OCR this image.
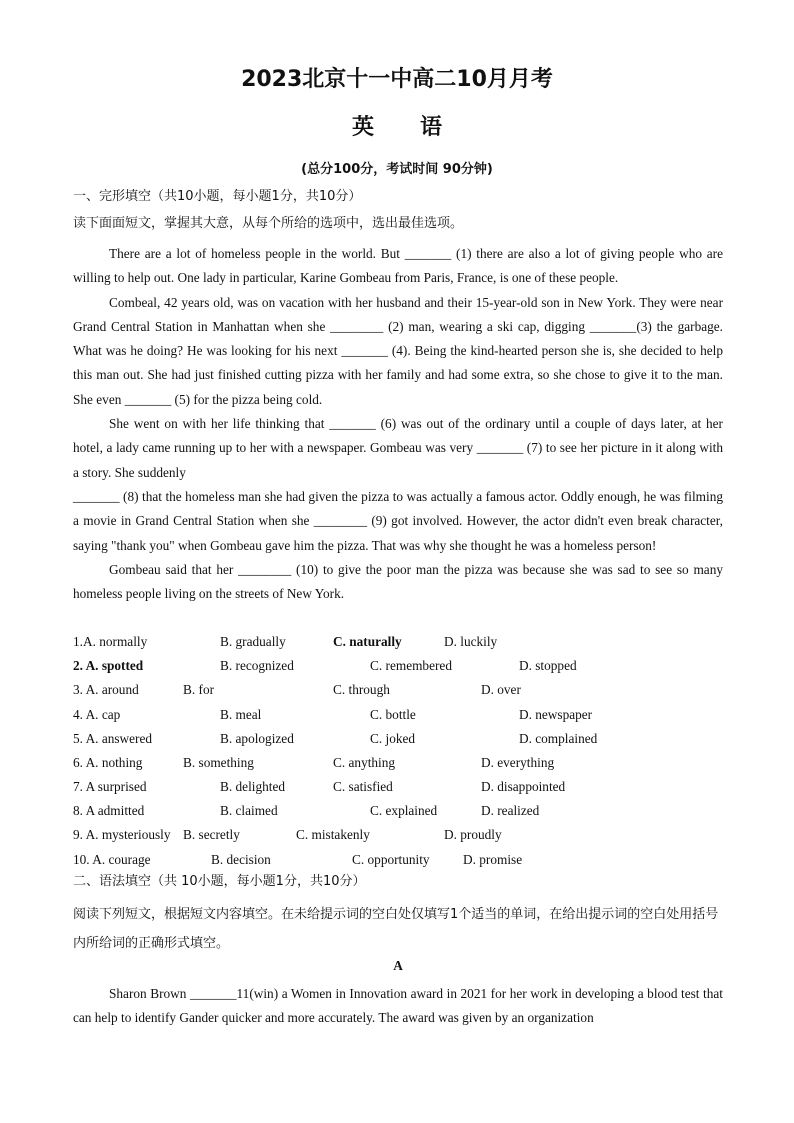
2023北京十一中高二10月月考
英      语
(总分100分，考试时间 90分钟)
一、完形填空（共10小题，每小题1分，共10分）
读下面面短文，掌握其大意，从每个所给的选项中，选出最佳选项。

There are a lot of homeless people in the world. But _______ (1) there are also a lot of giving people who are willing to help out. One lady in particular, Karine Gombeau from Paris, France, is one of these people.

Combeal, 42 years old, was on vacation with her husband and their 15-year-old son in New York. They were near Grand Central Station in Manhattan when she ________ (2) man, wearing a ski cap, digging _______(3) the garbage. What was he doing? He was looking for his next _______ (4). Being the kind-hearted person she is, she decided to help this man out. She had just finished cutting pizza with her family and had some extra, so she chose to give it to the man. She even _______ (5) for the pizza being cold.

She went on with her life thinking that _______ (6) was out of the ordinary until a couple of days later, at her hotel, a lady came running up to her with a newspaper. Gombeau was very _______ (7) to see her picture in it along with a story. She suddenly

_______ (8) that the homeless man she had given the pizza to was actually a famous actor. Oddly enough, he was filming a movie in Grand Central Station when she ________ (9) got involved. However, the actor didn't even break character, saying "thank you" when Gombeau gave him the pizza. That was why she thought he was a homeless person!

Gombeau said that her ________ (10) to give the poor man the pizza was because she was sad to see so many homeless people living on the streets of New York.

1.A. normally	B. gradually	C. naturally	D. luckily
2. A. spotted	B. recognized	C. remembered	D. stopped
3. A. around	B. for	C. through	D. over
4. A. cap	B. meal	C. bottle	D. newspaper
5. A. answered	B. apologized	C. joked	D. complained
6. A. nothing	B. something	C. anything	D. everything
7. A surprised	B. delighted	C. satisfied	D. disappointed
8. A admitted	B. claimed	C. explained	D. realized
9. A. mysteriously B. secretly	C. mistakenly	D. proudly
10. A. courage	B. decision	C. opportunity	D. promise
二、语法填空（共 10小题，每小题1分，共10分）
阅读下列短文，根据短文内容填空。在未给提示词的空白处仅填写1个适当的单词，在给出提示词的空白处用括号内所给词的正确形式填空。
A

Sharon Brown _______11(win) a Women in Innovation award in 2021 for her work in developing a blood test that can help to identify Gander quicker and more accurately. The award was given by an organization
